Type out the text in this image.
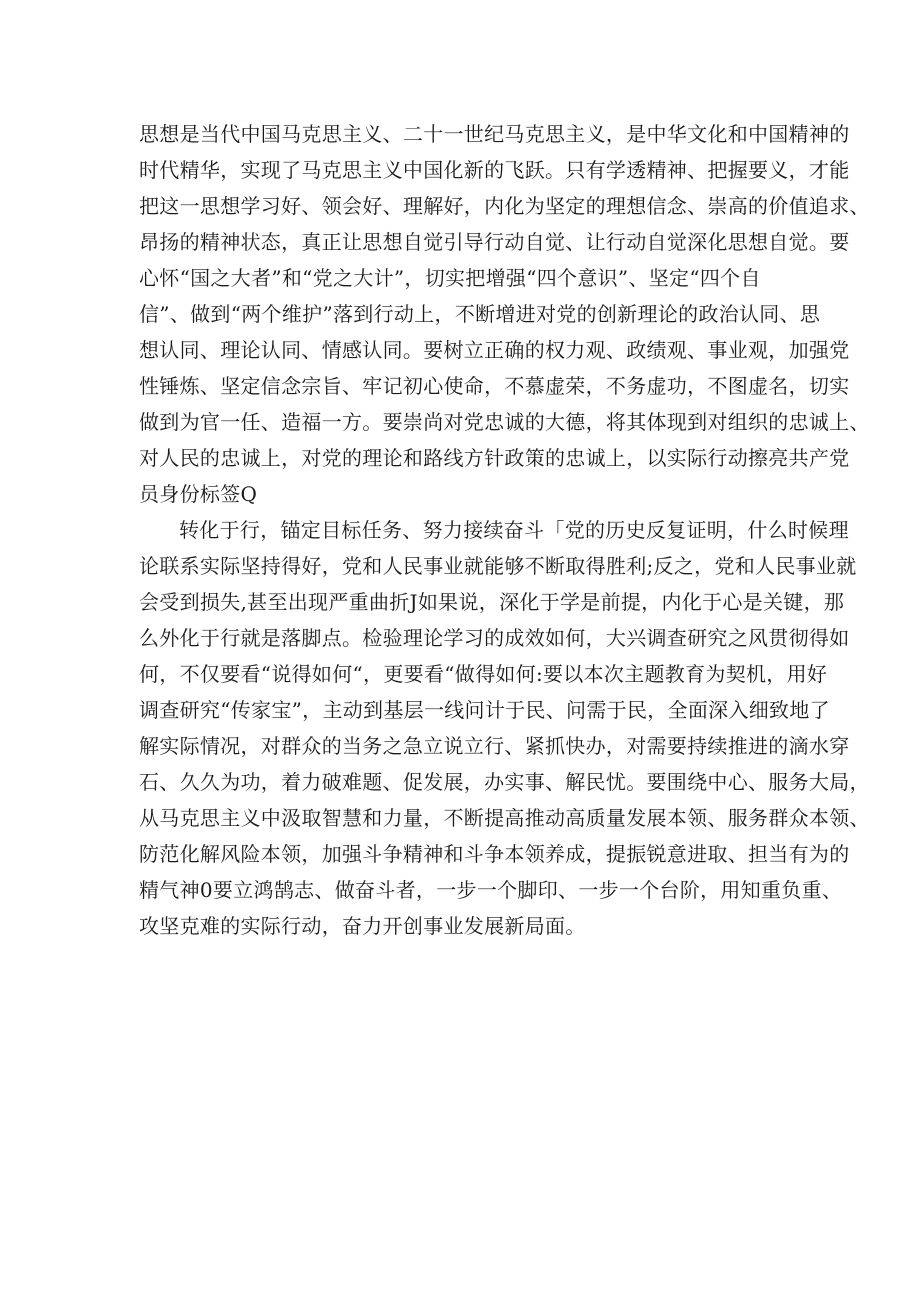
思想是当代中国马克思主义、二十一世纪马克思主义，是中华文化和中国精神的
时代精华，实现了马克思主义中国化新的飞跃。只有学透精神、把握要义，才能
把这一思想学习好、领会好、理解好，内化为坚定的理想信念、崇高的价值追求、
昂扬的精神状态，真正让思想自觉引导行动自觉、让行动自觉深化思想自觉。要
心怀“国之大者”和“党之大计”，切实把增强“四个意识”、坚定“四个自
信”、做到“两个维护”落到行动上，不断增进对党的创新理论的政治认同、思
想认同、理论认同、情感认同。要树立正确的权力观、政绩观、事业观，加强党
性锤炼、坚定信念宗旨、牢记初心使命，不慕虚荣，不务虚功，不图虚名，切实
做到为官一任、造福一方。要崇尚对党忠诚的大德，将其体现到对组织的忠诚上、
对人民的忠诚上，对党的理论和路线方针政策的忠诚上，以实际行动擦亮共产党
员身份标签Q
转化于行，锚定目标任务、努力接续奋斗「党的历史反复证明，什么时候理
论联系实际坚持得好，党和人民事业就能够不断取得胜利;反之，党和人民事业就
会受到损失,甚至出现严重曲折J如果说，深化于学是前提，内化于心是关键，那
么外化于行就是落脚点。检验理论学习的成效如何，大兴调查研究之风贯彻得如
何，不仅要看“说得如何“，更要看“做得如何:要以本次主题教育为契机，用好
调查研究“传家宝”，主动到基层一线问计于民、问需于民，全面深入细致地了
解实际情况，对群众的当务之急立说立行、紧抓快办，对需要持续推进的滴水穿
石、久久为功，着力破难题、促发展，办实事、解民忧。要围绕中心、服务大局，
从马克思主义中汲取智慧和力量，不断提高推动高质量发展本领、服务群众本领、
防范化解风险本领，加强斗争精神和斗争本领养成，提振锐意进取、担当有为的
精气神0要立鸿鹄志、做奋斗者，一步一个脚印、一步一个台阶，用知重负重、
攻坚克难的实际行动，奋力开创事业发展新局面。
